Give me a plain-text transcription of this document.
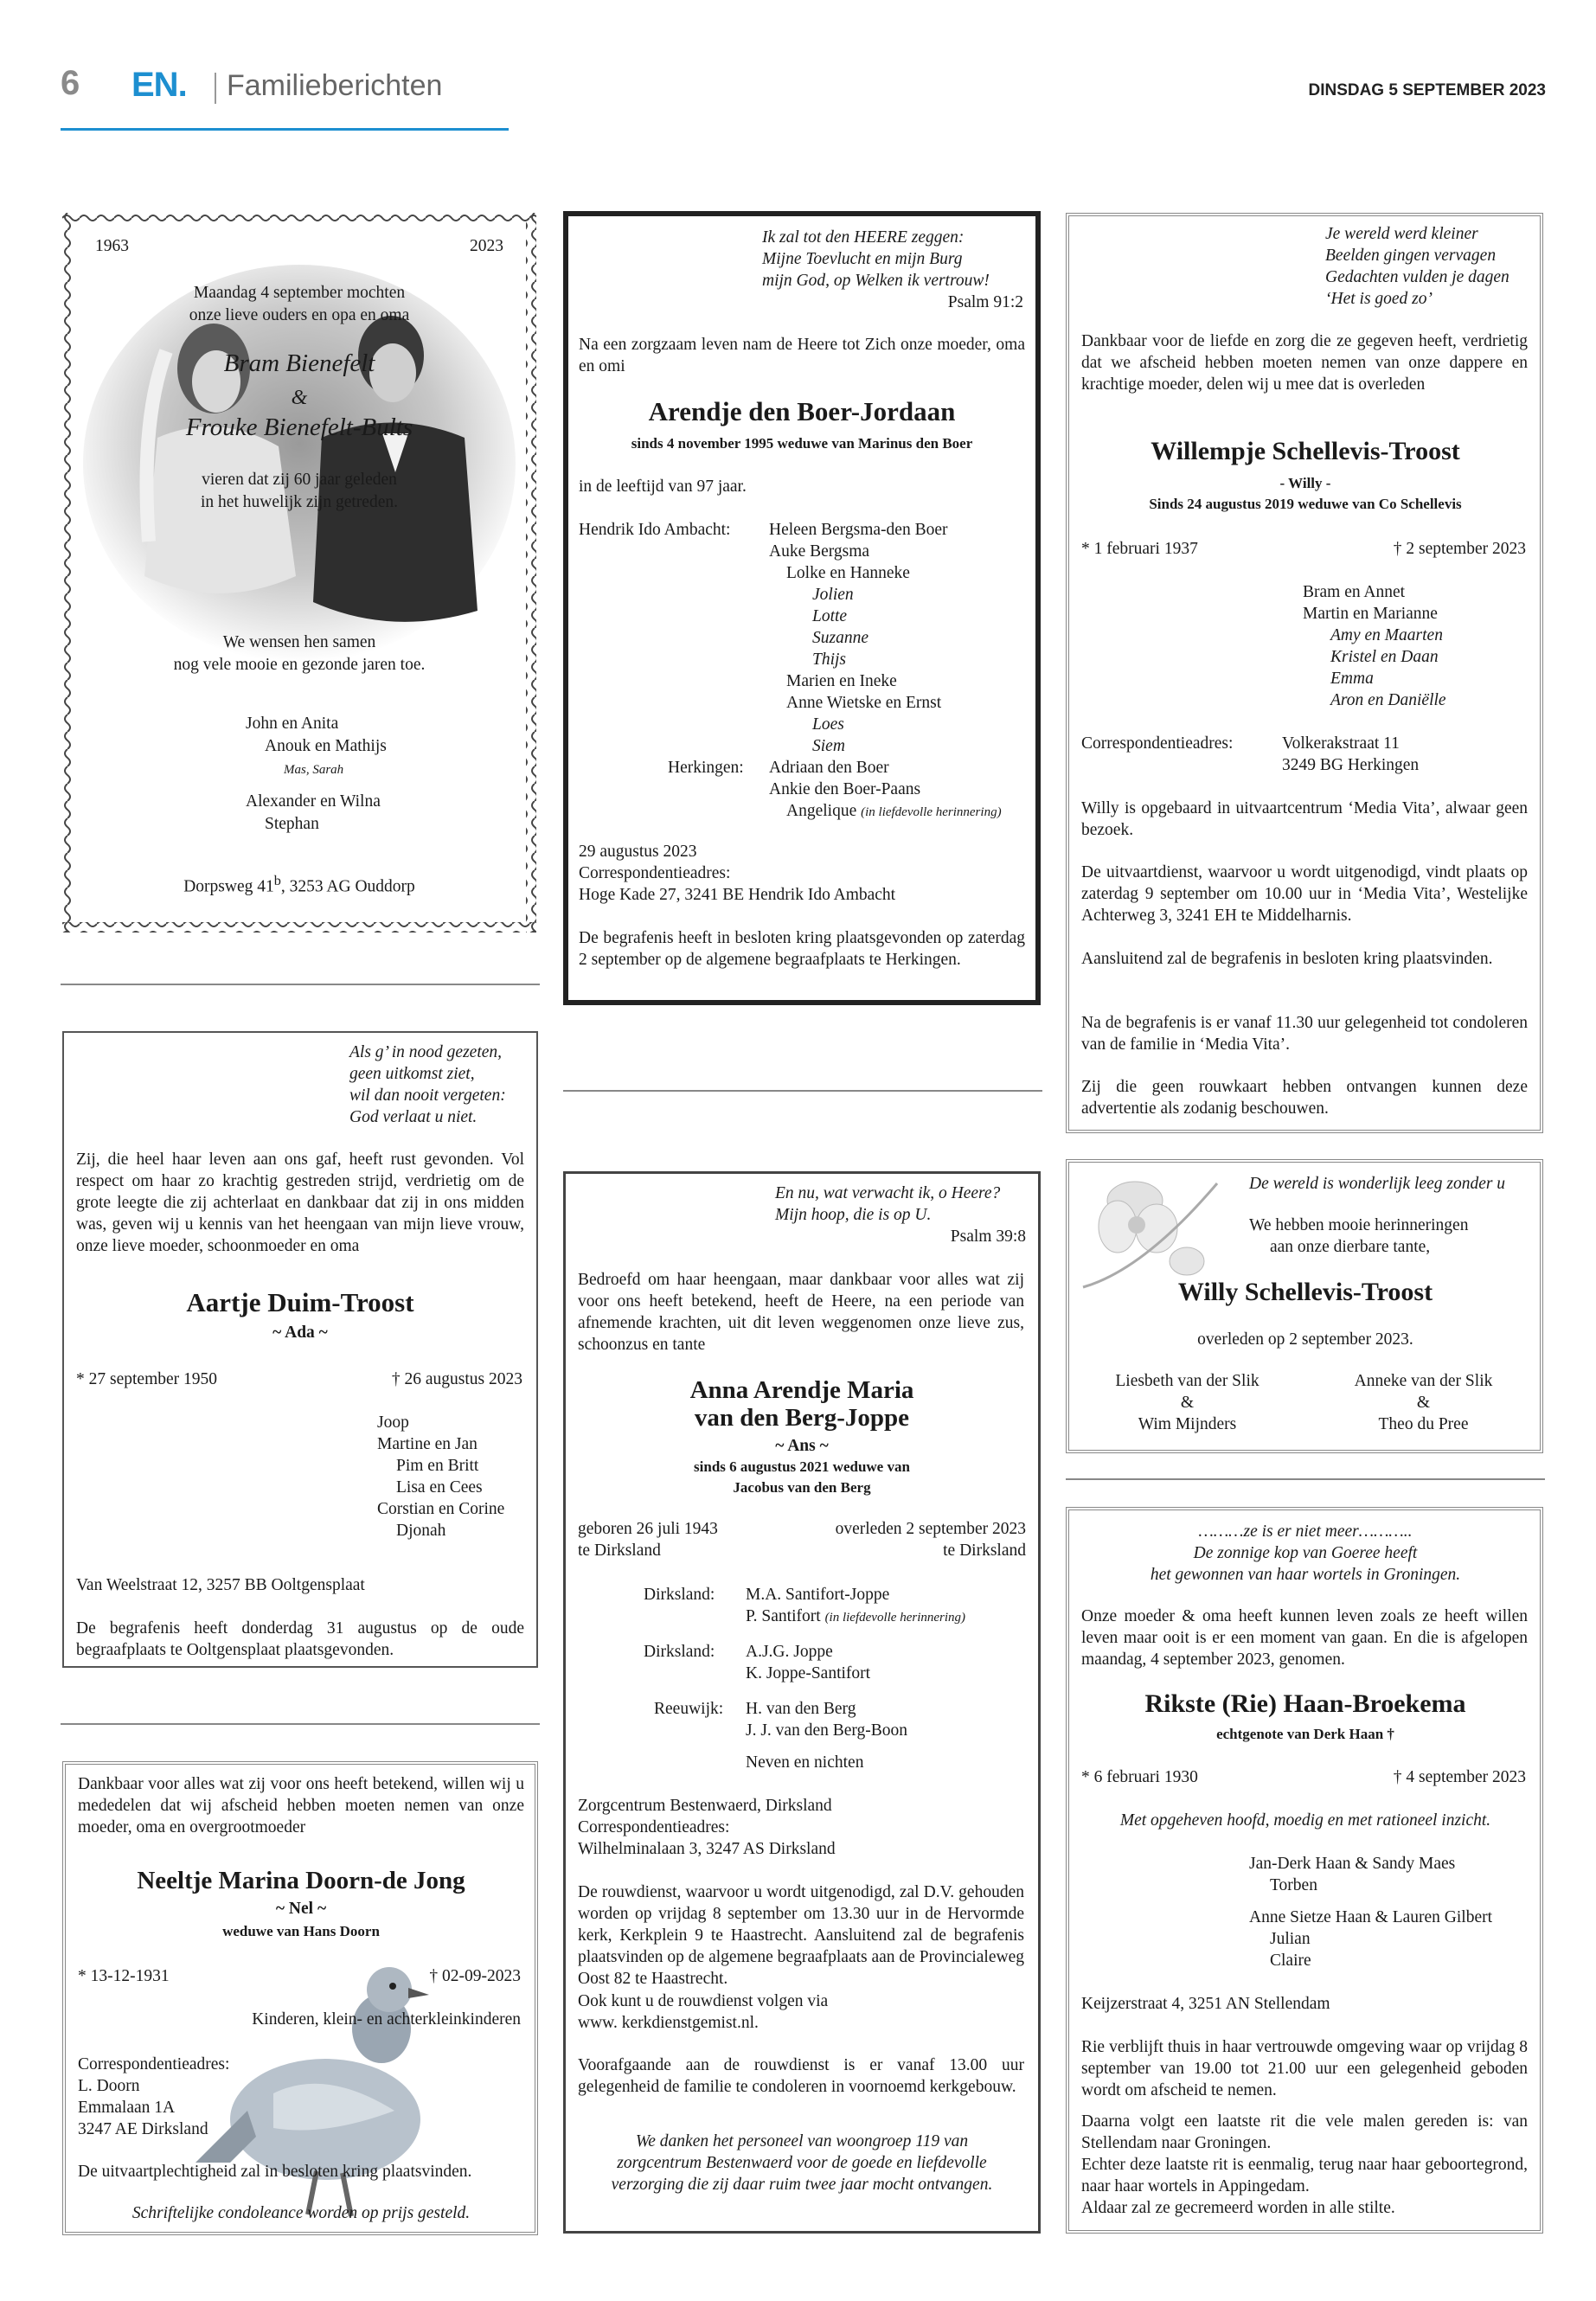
6 EN. Familieberichten	DINSDAG 5 SEPTEMBER 2023
1963	2023
Maandag 4 september mochten
onze lieve ouders en opa en oma
Bram Bienefelt
&
Frouke Bienefelt-Bults
vieren dat zij 60 jaar geleden
in het huwelijk zijn getreden.
We wensen hen samen
nog vele mooie en gezonde jaren toe.
John en Anita
Anouk en Mathijs
Mas, Sarah
Alexander en Wilna
Stephan
Dorpsweg 41$^b$, 3253 AG Ouddorp
Als g’ in nood gezeten,
geen uitkomst ziet,
wil dan nooit vergeten:
God verlaat u niet.
Zij, die heel haar leven aan ons gaf, heeft rust gevonden. Vol respect om haar zo krachtig gestreden strijd, verdrietig om de grote leegte die zij achterlaat en dankbaar dat zij in ons midden was, geven wij u kennis van het heengaan van mijn lieve vrouw, onze lieve moeder, schoonmoeder en oma
Aartje Duim-Troost
~ Ada ~
* 27 september 1950	† 26 augustus 2023
Joop
Martine en Jan
Pim en Britt
Lisa en Cees
Corstian en Corine
Djonah
Van Weelstraat 12, 3257 BB Ooltgensplaat
De begrafenis heeft donderdag 31 augustus op de oude begraafplaats te Ooltgensplaat plaatsgevonden.
Dankbaar voor alles wat zij voor ons heeft betekend, willen wij u mededelen dat wij afscheid hebben moeten nemen van onze moeder, oma en overgrootmoeder
Neeltje Marina Doorn-de Jong
~ Nel ~
weduwe van Hans Doorn
* 13-12-1931	† 02-09-2023
Kinderen, klein- en achterkleinkinderen
Correspondentieadres:
L. Doorn
Emmalaan 1A
3247 AE Dirksland
De uitvaartplechtigheid zal in besloten kring plaatsvinden.
Schriftelijke condoleance worden op prijs gesteld.
Ik zal tot den HEERE zeggen:
Mijne Toevlucht en mijn Burg
mijn God, op Welken ik vertrouw!
Psalm 91:2
Na een zorgzaam leven nam de Heere tot Zich onze moeder, oma en omi
Arendje den Boer-Jordaan
sinds 4 november 1995 weduwe van Marinus den Boer
in de leeftijd van 97 jaar.
Hendrik Ido Ambacht: Heleen Bergsma-den Boer
Auke Bergsma
Lolke en Hanneke
Jolien
Lotte
Suzanne
Thijs
Marien en Ineke
Anne Wietske en Ernst
Loes
Siem
Herkingen: Adriaan den Boer
Ankie den Boer-Paans
Angelique (in liefdevolle herinnering)
29 augustus 2023
Correspondentieadres:
Hoge Kade 27, 3241 BE Hendrik Ido Ambacht
De begrafenis heeft in besloten kring plaatsgevonden op zaterdag 2 september op de algemene begraafplaats te Herkingen.
En nu, wat verwacht ik, o Heere?
Mijn hoop, die is op U.
Psalm 39:8
Bedroefd om haar heengaan, maar dankbaar voor alles wat zij voor ons heeft betekend, heeft de Heere, na een periode van afnemende krachten, uit dit leven weggenomen onze lieve zus, schoonzus en tante
Anna Arendje Maria
van den Berg-Joppe
~ Ans ~
sinds 6 augustus 2021 weduwe van
Jacobus van den Berg
geboren 26 juli 1943
te Dirksland
overleden 2 september 2023
te Dirksland
Dirksland: M.A. Santifort-Joppe
P. Santifort (in liefdevolle herinnering)
Dirksland: A.J.G. Joppe
K. Joppe-Santifort
Reeuwijk: H. van den Berg
J. J. van den Berg-Boon
Neven en nichten
Zorgcentrum Bestenwaerd, Dirksland
Correspondentieadres:
Wilhelminalaan 3, 3247 AS Dirksland
De rouwdienst, waarvoor u wordt uitgenodigd, zal D.V. gehouden worden op vrijdag 8 september om 13.30 uur in de Hervormde kerk, Kerkplein 9 te Haastrecht. Aansluitend zal de begrafenis plaatsvinden op de algemene begraafplaats aan de Provincialeweg Oost 82 te Haastrecht.
Ook kunt u de rouwdienst volgen via
www. kerkdienstgemist.nl.
Voorafgaande aan de rouwdienst is er vanaf 13.00 uur gelegenheid de familie te condoleren in voornoemd kerkgebouw.
We danken het personeel van woongroep 119 van
zorgcentrum Bestenwaerd voor de goede en liefdevolle
verzorging die zij daar ruim twee jaar mocht ontvangen.
Je wereld werd kleiner
Beelden gingen vervagen
Gedachten vulden je dagen
‘Het is goed zo’
Dankbaar voor de liefde en zorg die ze gegeven heeft, verdrietig dat we afscheid hebben moeten nemen van onze dappere en krachtige moeder, delen wij u mee dat is overleden
Willempje Schellevis-Troost
- Willy -
Sinds 24 augustus 2019 weduwe van Co Schellevis
* 1 februari 1937	† 2 september 2023
Bram en Annet
Martin en Marianne
Amy en Maarten
Kristel en Daan
Emma
Aron en Daniëlle
Correspondentieadres:	Volkerakstraat 11
3249 BG Herkingen
Willy is opgebaard in uitvaartcentrum ‘Media Vita’, alwaar geen bezoek.
De uitvaartdienst, waarvoor u wordt uitgenodigd, vindt plaats op zaterdag 9 september om 10.00 uur in ‘Media Vita’, Westelijke Achterweg 3, 3241 EH te Middelharnis.
Aansluitend zal de begrafenis in besloten kring plaatsvinden.
Na de begrafenis is er vanaf 11.30 uur gelegenheid tot condoleren van de familie in ‘Media Vita’.
Zij die geen rouwkaart hebben ontvangen kunnen deze advertentie als zodanig beschouwen.
De wereld is wonderlijk leeg zonder u
We hebben mooie herinneringen
aan onze dierbare tante,
Willy Schellevis-Troost
overleden op 2 september 2023.
Liesbeth van der Slik
&
Wim Mijnders
Anneke van der Slik
&
Theo du Pree
………ze is er niet meer………..
De zonnige kop van Goeree heeft
het gewonnen van haar wortels in Groningen.
Onze moeder & oma heeft kunnen leven zoals ze heeft willen leven maar ooit is er een moment van gaan. En die is afgelopen maandag, 4 september 2023, genomen.
Rikste (Rie) Haan-Broekema
echtgenote van Derk Haan †
* 6 februari 1930	† 4 september 2023
Met opgeheven hoofd, moedig en met rationeel inzicht.
Jan-Derk Haan & Sandy Maes
Torben
Anne Sietze Haan & Lauren Gilbert
Julian
Claire
Keijzerstraat 4, 3251 AN Stellendam
Rie verblijft thuis in haar vertrouwde omgeving waar op vrijdag 8 september van 19.00 tot 21.00 uur een gelegenheid geboden wordt om afscheid te nemen.
Daarna volgt een laatste rit die vele malen gereden is: van Stellendam naar Groningen.
Echter deze laatste rit is eenmalig, terug naar haar geboortegrond, naar haar wortels in Appingedam.
Aldaar zal ze gecremeerd worden in alle stilte.
